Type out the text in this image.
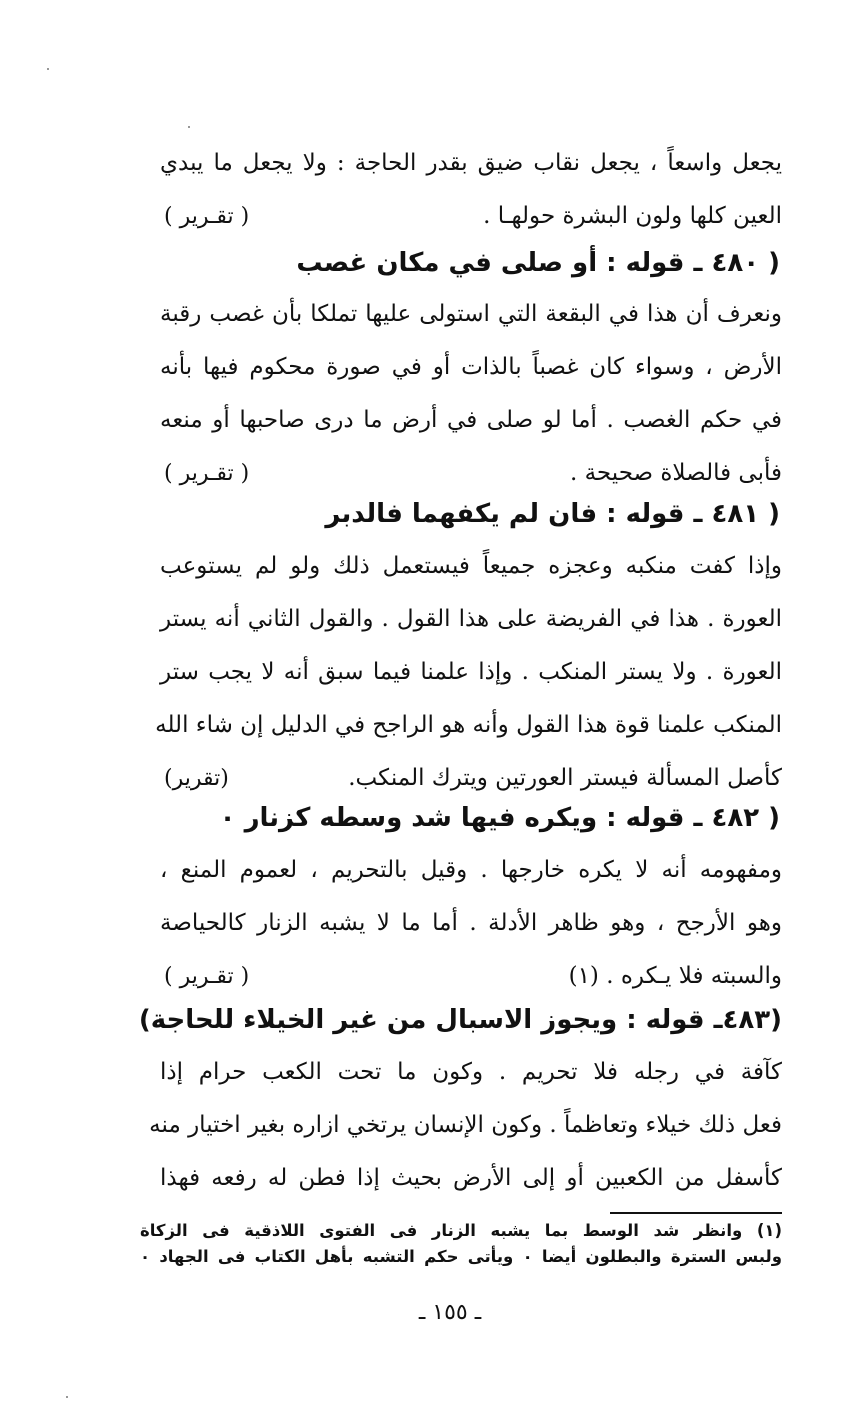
يجعل واسعاً ، يجعل نقاب ضيق بقدر الحاجة : ولا يجعل ما يبدي
العين كلها ولون البشرة حولهـا .
( تقـرير )
( ٤٨٠ ـ قوله : أو صلى في مكان غصب
ونعرف أن هذا في البقعة التي استولى عليها تملكا بأن غصب رقبة
الأرض ، وسواء كان غصباً بالذات أو في صورة محكوم فيها بأنه
في حكم الغصب . أما لو صلى في أرض ما درى صاحبها أو منعه
فأبى فالصلاة صحيحة .
( تقـرير )
( ٤٨١ ـ قوله : فان لم يكفهما فالدبر
وإذا كفت منكبه وعجزه جميعاً فيستعمل ذلك ولو لم يستوعب
العورة . هذا في الفريضة على هذا القول . والقول الثاني أنه يستر
العورة . ولا يستر المنكب . وإذا علمنا فيما سبق أنه لا يجب ستر
المنكب علمنا قوة هذا القول وأنه هو الراجح في الدليل إن شاء الله
كأصل المسألة فيستر العورتين ويترك المنكب.
(تقرير)
( ٤٨٢ ـ قوله : ويكره فيها شد وسطه كزنار ٠
ومفهومه أنه لا يكره خارجها . وقيل بالتحريم ، لعموم المنع ،
وهو الأرجح ، وهو ظاهر الأدلة . أما ما لا يشبه الزنار كالحياصة
والسبته فلا يـكره . (١)
( تقـرير )
(٤٨٣ـ قوله : ويجوز الاسبال من غير الخيلاء للحاجة)
كآفة في رجله فلا تحريم . وكون ما تحت الكعب حرام إذا
فعل ذلك خيلاء وتعاظماً . وكون الإنسان يرتخي ازاره بغير اختيار منه
كأسفل من الكعبين أو إلى الأرض بحيث إذا فطن له رفعه فهذا
(١) وانظر شد الوسط بما يشبه الزنار فى الفتوى اللاذقية فى الزكاة
ولبس السترة والبطلون أيضا ٠ ويأتى حكم التشبه بأهل الكتاب فى الجهاد ٠
ـ ١٥٥ ـ
